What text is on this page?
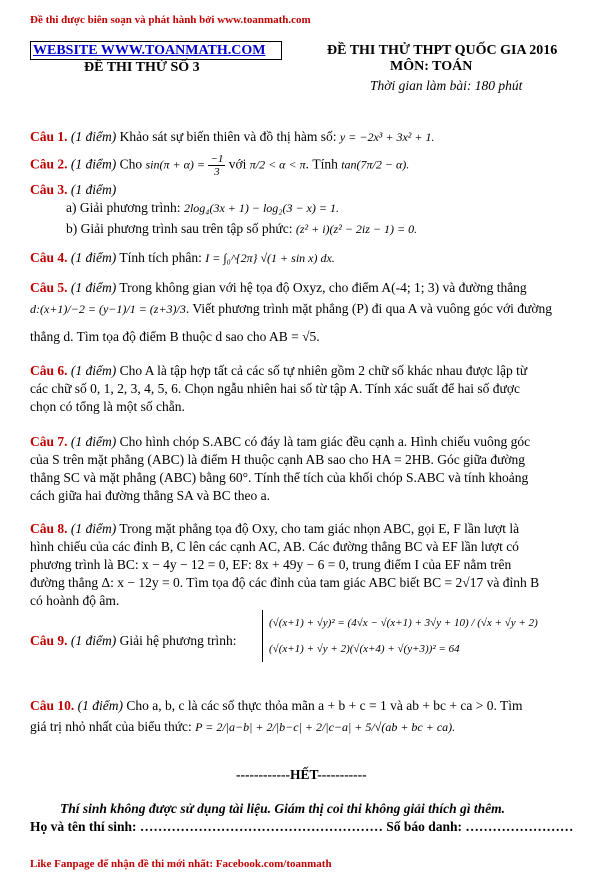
Đề thi được biên soạn và phát hành bởi www.toanmath.com
WEBSITE WWW.TOANMATH.COM
ĐỀ THI THỬ SỐ 3
ĐỀ THI THỬ THPT QUỐC GIA 2016
MÔN: TOÁN
Thời gian làm bài: 180 phút
Câu 1. (1 điểm) Khảo sát sự biến thiên và đồ thị hàm số: y = −2x³ + 3x² + 1.
Câu 2. (1 điểm) Cho $\sin(\pi + \alpha) = \frac{-1}{3}$ với π/2 < α < π. Tính tan(7π/2 − α).
Câu 3. (1 điểm)
a) Giải phương trình: 2log₄(3x + 1) − log₂(3 − x) = 1.
b) Giải phương trình sau trên tập số phức: (z² + i)(z² − 2iz − 1) = 0.
Câu 4. (1 điểm) Tính tích phân: I = ∫₀^{2π} √(1 + sin x) dx.
Câu 5. (1 điểm) Trong không gian với hệ tọa độ Oxyz, cho điểm A(-4; 1; 3) và đường thẳng
d:(x+1)/−2 = (y−1)/1 = (z+3)/3. Viết phương trình mặt phẳng (P) đi qua A và vuông góc với đường
thẳng d. Tìm tọa độ điểm B thuộc d sao cho AB = √5.
Câu 6. (1 điểm) Cho A là tập hợp tất cả các số tự nhiên gồm 2 chữ số khác nhau được lập từ
các chữ số 0, 1, 2, 3, 4, 5, 6. Chọn ngẫu nhiên hai số từ tập A. Tính xác suất để hai số được
chọn có tổng là một số chẵn.
Câu 7. (1 điểm) Cho hình chóp S.ABC có đáy là tam giác đều cạnh a. Hình chiếu vuông góc
của S trên mặt phẳng (ABC) là điểm H thuộc cạnh AB sao cho HA = 2HB. Góc giữa đường
thẳng SC và mặt phẳng (ABC) bằng 60°. Tính thể tích của khối chóp S.ABC và tính khoảng
cách giữa hai đường thẳng SA và BC theo a.
Câu 8. (1 điểm) Trong mặt phẳng tọa độ Oxy, cho tam giác nhọn ABC, gọi E, F lần lượt là
hình chiếu của các đỉnh B, C lên các cạnh AC, AB. Các đường thẳng BC và EF lần lượt có
phương trình là BC: x − 4y − 12 = 0, EF: 8x + 49y − 6 = 0, trung điểm I của EF nằm trên
đường thẳng Δ: x − 12y = 0. Tìm tọa độ các đỉnh của tam giác ABC biết BC = 2√17 và đỉnh B
có hoành độ âm.
Câu 9. (1 điểm) Giải hệ phương trình:
(√(x+1) + √y)² = (4√x − √(x+1) + 3√y + 10) / (√x + √y + 2)
(√(x+1) + √y + 2)(√(x+4) + √(y+3))² = 64
Câu 10. (1 điểm) Cho a, b, c là các số thực thỏa mãn a + b + c = 1 và ab + bc + ca > 0. Tìm
giá trị nhỏ nhất của biểu thức: P = 2/|a−b| + 2/|b−c| + 2/|c−a| + 5/√(ab + bc + ca).
------------HẾT-----------
Thí sinh không được sử dụng tài liệu. Giám thị coi thi không giải thích gì thêm.
Họ và tên thí sinh: ……………………………………………… Số báo danh: ……………………
Like Fanpage để nhận đề thi mới nhất: Facebook.com/toanmath
